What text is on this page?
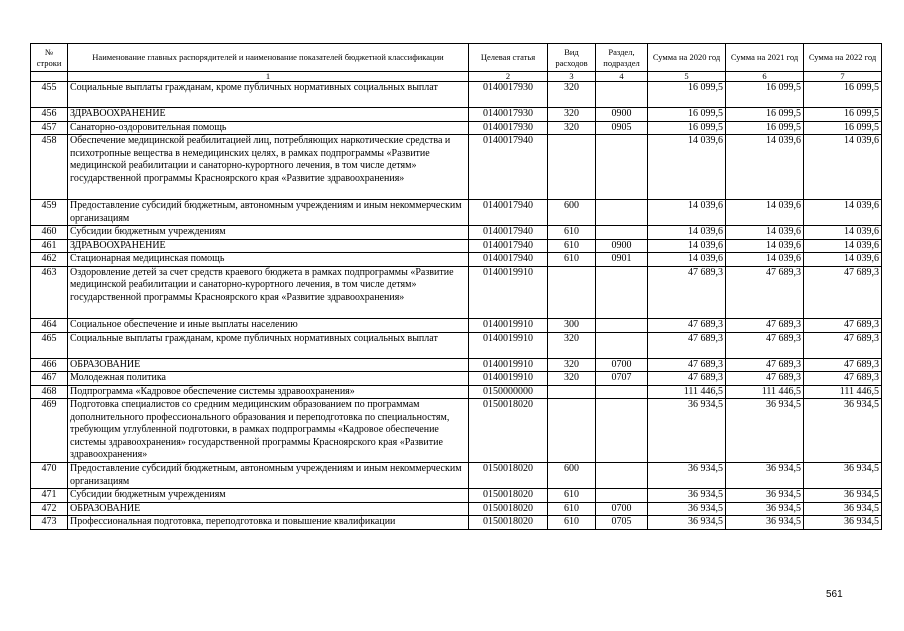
№ строки	Наименование главных распорядителей и наименование показателей бюджетной классификации	Целевая статья	Вид расходов	Раздел, подраздел	Сумма на 2020 год	Сумма на 2021 год	Сумма на 2022 год
	1	2	3	4	5	6	7
455	Социальные выплаты гражданам, кроме публичных нормативных социальных выплат	0140017930	320		16 099,5	16 099,5	16 099,5
456	ЗДРАВООХРАНЕНИЕ	0140017930	320	0900	16 099,5	16 099,5	16 099,5
457	Санаторно-оздоровительная помощь	0140017930	320	0905	16 099,5	16 099,5	16 099,5
458	Обеспечение медицинской реабилитацией лиц, потребляющих наркотические средства и психотропные вещества в немедицинских целях, в рамках подпрограммы «Развитие медицинской реабилитации и санаторно-курортного лечения, в том числе детям» государственной программы Красноярского края «Развитие здравоохранения»	0140017940			14 039,6	14 039,6	14 039,6
459	Предоставление субсидий бюджетным, автономным учреждениям и иным некоммерческим организациям	0140017940	600		14 039,6	14 039,6	14 039,6
460	Субсидии бюджетным учреждениям	0140017940	610		14 039,6	14 039,6	14 039,6
461	ЗДРАВООХРАНЕНИЕ	0140017940	610	0900	14 039,6	14 039,6	14 039,6
462	Стационарная медицинская помощь	0140017940	610	0901	14 039,6	14 039,6	14 039,6
463	Оздоровление детей за счет средств краевого бюджета в рамках подпрограммы «Развитие медицинской реабилитации и санаторно-курортного лечения, в том числе детям» государственной программы Красноярского края «Развитие здравоохранения»	0140019910			47 689,3	47 689,3	47 689,3
464	Социальное обеспечение и иные выплаты населению	0140019910	300		47 689,3	47 689,3	47 689,3
465	Социальные выплаты гражданам, кроме публичных нормативных социальных выплат	0140019910	320		47 689,3	47 689,3	47 689,3
466	ОБРАЗОВАНИЕ	0140019910	320	0700	47 689,3	47 689,3	47 689,3
467	Молодежная политика	0140019910	320	0707	47 689,3	47 689,3	47 689,3
468	Подпрограмма «Кадровое обеспечение системы здравоохранения»	0150000000			111 446,5	111 446,5	111 446,5
469	Подготовка специалистов со средним медицинским образованием по программам дополнительного профессионального образования и переподготовка по специальностям, требующим углубленной подготовки, в рамках подпрограммы «Кадровое обеспечение системы здравоохранения» государственной программы Красноярского края «Развитие здравоохранения»	0150018020			36 934,5	36 934,5	36 934,5
470	Предоставление субсидий бюджетным, автономным учреждениям и иным некоммерческим организациям	0150018020	600		36 934,5	36 934,5	36 934,5
471	Субсидии бюджетным учреждениям	0150018020	610		36 934,5	36 934,5	36 934,5
472	ОБРАЗОВАНИЕ	0150018020	610	0700	36 934,5	36 934,5	36 934,5
473	Профессиональная подготовка, переподготовка и повышение квалификации	0150018020	610	0705	36 934,5	36 934,5	36 934,5
561
